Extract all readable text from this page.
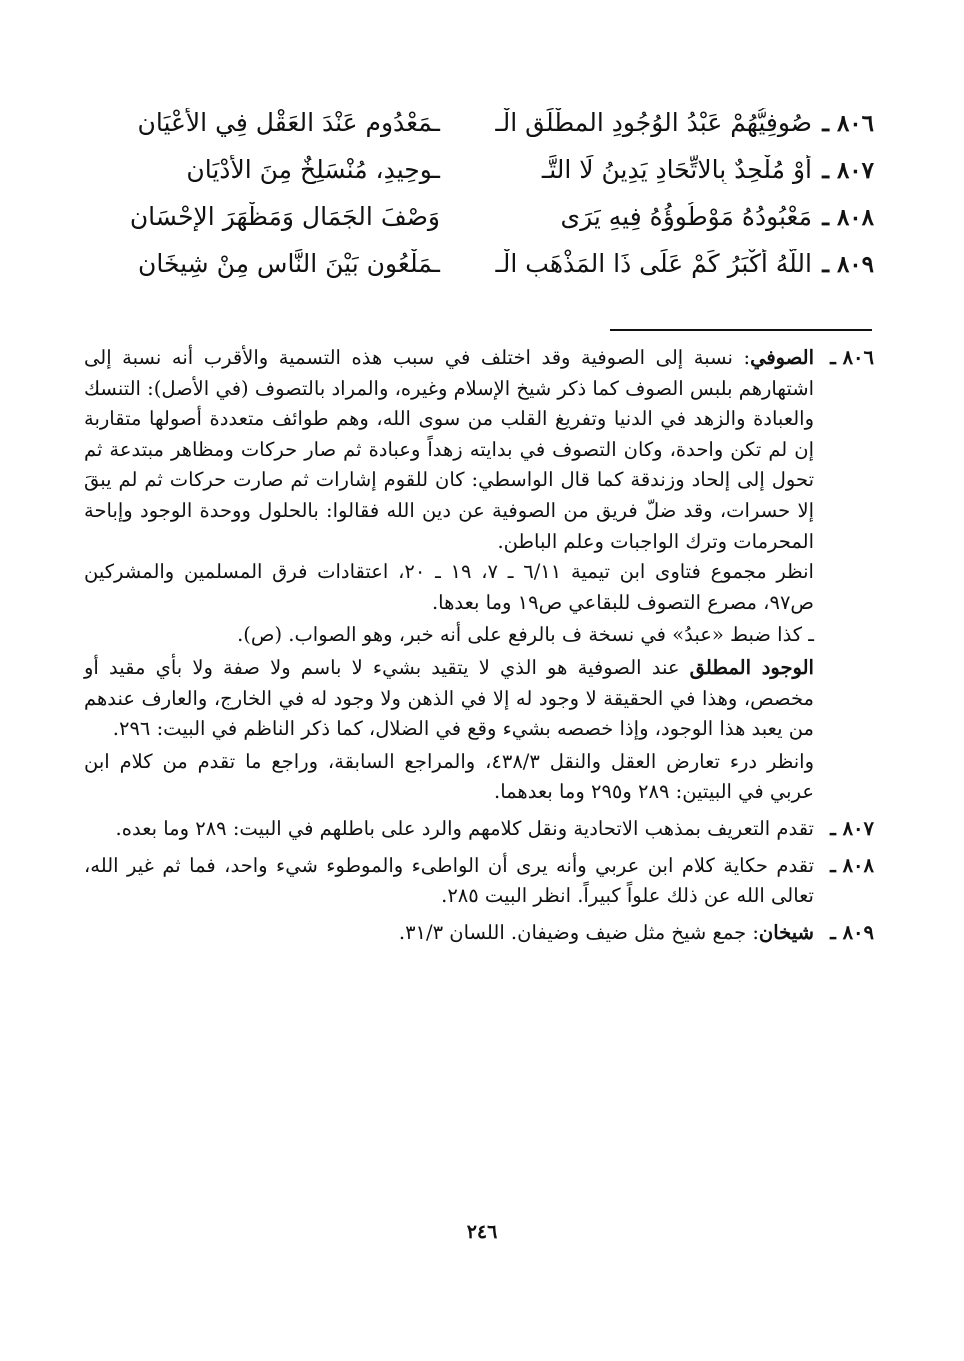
٨٠٦ ـ
صُوفِيُّهُمْ عَبْدُ الوُجُودِ المطْلَقِ الْـ
ـمَعْدُوم عَنْدَ العَقْلِ فِي الأَعْيَانِ
٨٠٧ ـ
أَوْ مُلْحِدٌ بِالاتِّحَادِ يَدِينُ لَا التَّـ
ـوحِيدِ، مُنْسَلِخٌ مِنَ الأَدْيَانِ
٨٠٨ ـ
مَعْبُودُهُ مَوْطُوؤُهُ فِيهِ يَرَى
وَصْفَ الجَمَالِ وَمَظْهَرَ الإِحْسَانِ
٨٠٩ ـ
اللَّهُ أَكْبَرُ كَمْ عَلَى ذَا المَذْهَبِ الْـ
ـمَلْعُونِ بَيْنَ النَّاسِ مِنْ شِيخَانِ
٨٠٦ ـ

الصوفي: نسبة إلى الصوفية وقد اختلف في سبب هذه التسمية والأقرب أنه نسبة إلى اشتهارهم بلبس الصوف كما ذكر شيخ الإسلام وغيره، والمراد بالتصوف (في الأصل): التنسك والعبادة والزهد في الدنيا وتفريغ القلب من سوى الله، وهم طوائف متعددة أصولها متقاربة إن لم تكن واحدة، وكان التصوف في بدايته زهداً وعبادة ثم صار حركات ومظاهر مبتدعة ثم تحول إلى إلحاد وزندقة كما قال الواسطي: كان للقوم إشارات ثم صارت حركات ثم لم يبقَ إلا حسرات، وقد ضلّ فريق من الصوفية عن دين الله فقالوا: بالحلول ووحدة الوجود وإباحة المحرمات وترك الواجبات وعلم الباطن.

انظر مجموع فتاوى ابن تيمية ٦/١١ ـ ٧، ١٩ ـ ٢٠، اعتقادات فرق المسلمين والمشركين ص٩٧، مصرع التصوف للبقاعي ص١٩ وما بعدها.

ـ كذا ضبط «عبدُ» في نسخة ف بالرفع على أنه خبر، وهو الصواب. (ص).

الوجود المطلق عند الصوفية هو الذي لا يتقيد بشيء لا باسم ولا صفة ولا بأي مقيد أو مخصص، وهذا في الحقيقة لا وجود له إلا في الذهن ولا وجود له في الخارج، والعارف عندهم من يعبد هذا الوجود، وإذا خصصه بشيء وقع في الضلال، كما ذكر الناظم في البيت: ٢٩٦.

وانظر درء تعارض العقل والنقل ٤٣٨/٣، والمراجع السابقة، وراجع ما تقدم من كلام ابن عربي في البيتين: ٢٨٩ و٢٩٥ وما بعدهما.

٨٠٧ ـ

تقدم التعريف بمذهب الاتحادية ونقل كلامهم والرد على باطلهم في البيت: ٢٨٩ وما بعده.

٨٠٨ ـ

تقدم حكاية كلام ابن عربي وأنه يرى أن الواطىء والموطوء شيء واحد، فما ثم غير الله، تعالى الله عن ذلك علواً كبيراً. انظر البيت ٢٨٥.

٨٠٩ ـ

شيخان: جمع شيخ مثل ضيف وضيفان. اللسان ٣١/٣.

٢٤٦
